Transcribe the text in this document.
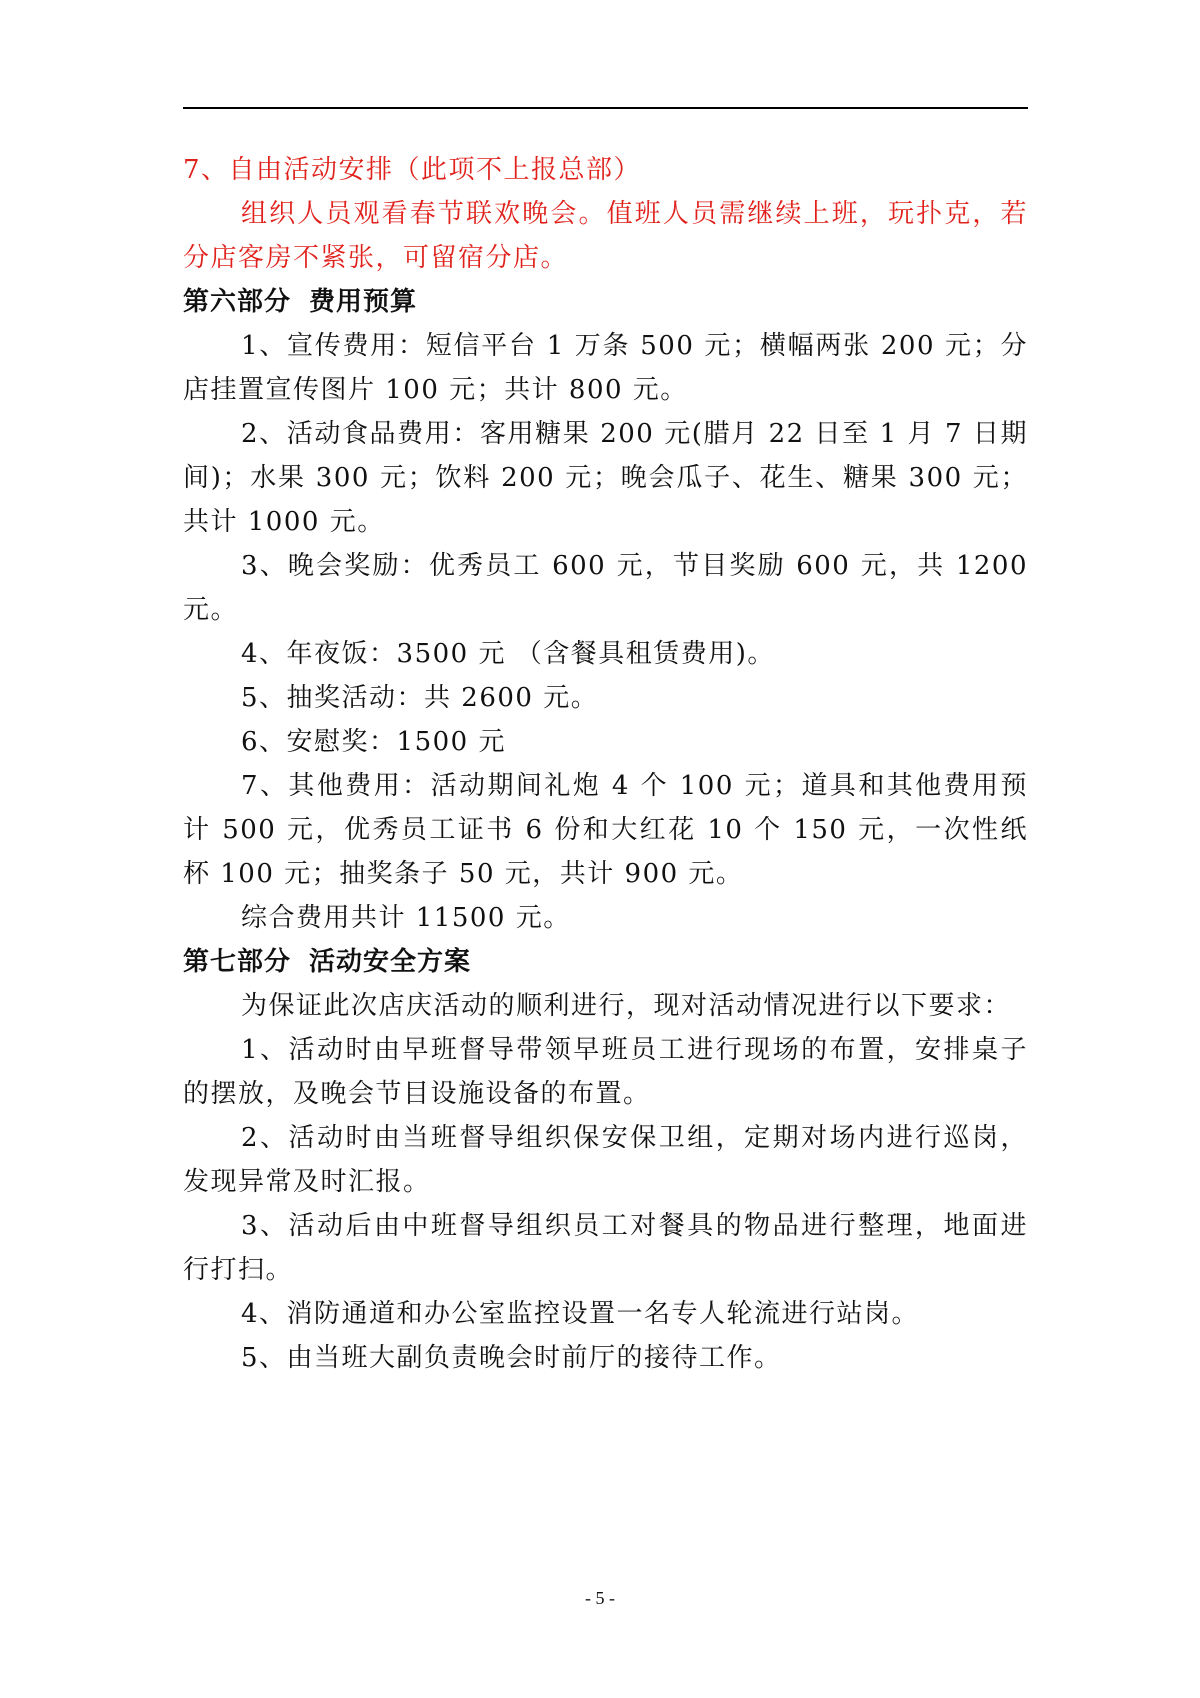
7、自由活动安排（此项不上报总部）

组织人员观看春节联欢晚会。值班人员需继续上班，玩扑克，若分店客房不紧张，可留宿分店。

第六部分 费用预算

1、宣传费用：短信平台 1 万条 500 元；横幅两张 200 元；分店挂置宣传图片 100 元；共计 800 元。

2、活动食品费用：客用糖果 200 元(腊月 22 日至 1 月 7 日期间)；水果 300 元；饮料 200 元；晚会瓜子、花生、糖果 300 元；共计 1000 元。

3、晚会奖励：优秀员工 600 元，节目奖励 600 元，共 1200 元。

4、年夜饭：3500 元 （含餐具租赁费用)。

5、抽奖活动：共 2600 元。

6、安慰奖：1500 元

7、其他费用：活动期间礼炮 4 个 100 元；道具和其他费用预计 500 元，优秀员工证书 6 份和大红花 10 个 150 元，一次性纸杯 100 元；抽奖条子 50 元，共计 900 元。

综合费用共计 11500 元。

第七部分 活动安全方案

为保证此次店庆活动的顺利进行，现对活动情况进行以下要求：

1、活动时由早班督导带领早班员工进行现场的布置，安排桌子的摆放，及晚会节目设施设备的布置。

2、活动时由当班督导组织保安保卫组，定期对场内进行巡岗，发现异常及时汇报。

3、活动后由中班督导组织员工对餐具的物品进行整理，地面进行打扫。

4、消防通道和办公室监控设置一名专人轮流进行站岗。

5、由当班大副负责晚会时前厅的接待工作。

- 5 -
